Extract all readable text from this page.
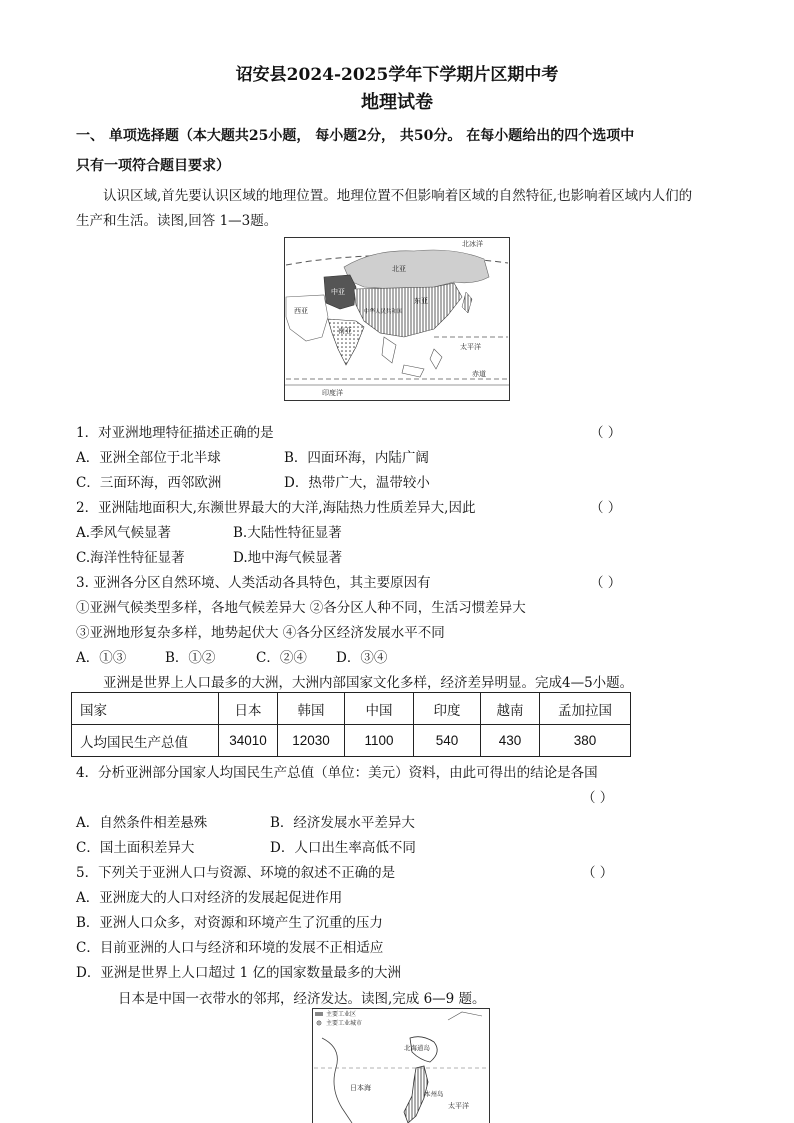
诏安县2024-2025学年下学期片区期中考
地理试卷
一、 单项选择题（本大题共25小题， 每小题2分， 共50分。 在每小题给出的四个选项中
只有一项符合题目要求）
认识区域,首先要认识区域的地理位置。地理位置不但影响着区域的自然特征,也影响着区域内人们的
生产和生活。读图,回答 1—3题。
北冰洋
北亚
中亚
西亚
东亚
中华人民共和国
南亚
太平洋
赤道
印度洋
1．对亚洲地理特征描述正确的是	（ ）
A．亚洲全部位于北半球	B．四面环海，内陆广阔
C．三面环海，西邻欧洲	D．热带广大，温带较小
2．亚洲陆地面积大,东濒世界最大的大洋,海陆热力性质差异大,因此	（ ）
A.季风气候显著	B.大陆性特征显著
C.海洋性特征显著	D.地中海气候显著
3. 亚洲各分区自然环境、人类活动各具特色，其主要原因有	（ ）
①亚洲气候类型多样，各地气候差异大 ②各分区人种不同，生活习惯差异大
③亚洲地形复杂多样，地势起伏大 ④各分区经济发展水平不同
A．①③	B．①②	C．②④ D．③④
亚洲是世界上人口最多的大洲，大洲内部国家文化多样，经济差异明显。完成4—5小题。
国家	日本	韩国	中国	印度	越南	孟加拉国
人均国民生产总值	34010	12030	1100	540	430	380
4．分析亚洲部分国家人均国民生产总值（单位：美元）资料，由此可得出的结论是各国
（ ）
A．自然条件相差悬殊	B．经济发展水平差异大
C．国土面积差异大	D．人口出生率高低不同
5．下列关于亚洲人口与资源、环境的叙述不正确的是	（ ）
A．亚洲庞大的人口对经济的发展起促进作用
B．亚洲人口众多，对资源和环境产生了沉重的压力
C．目前亚洲的人口与经济和环境的发展不正相适应
D．亚洲是世界上人口超过 1 亿的国家数量最多的大洲
日本是中国一衣带水的邻邦，经济发达。读图,完成 6—9 题。
主要工业区
主要工业城市
北海道岛
日本海
本州岛
太平洋
